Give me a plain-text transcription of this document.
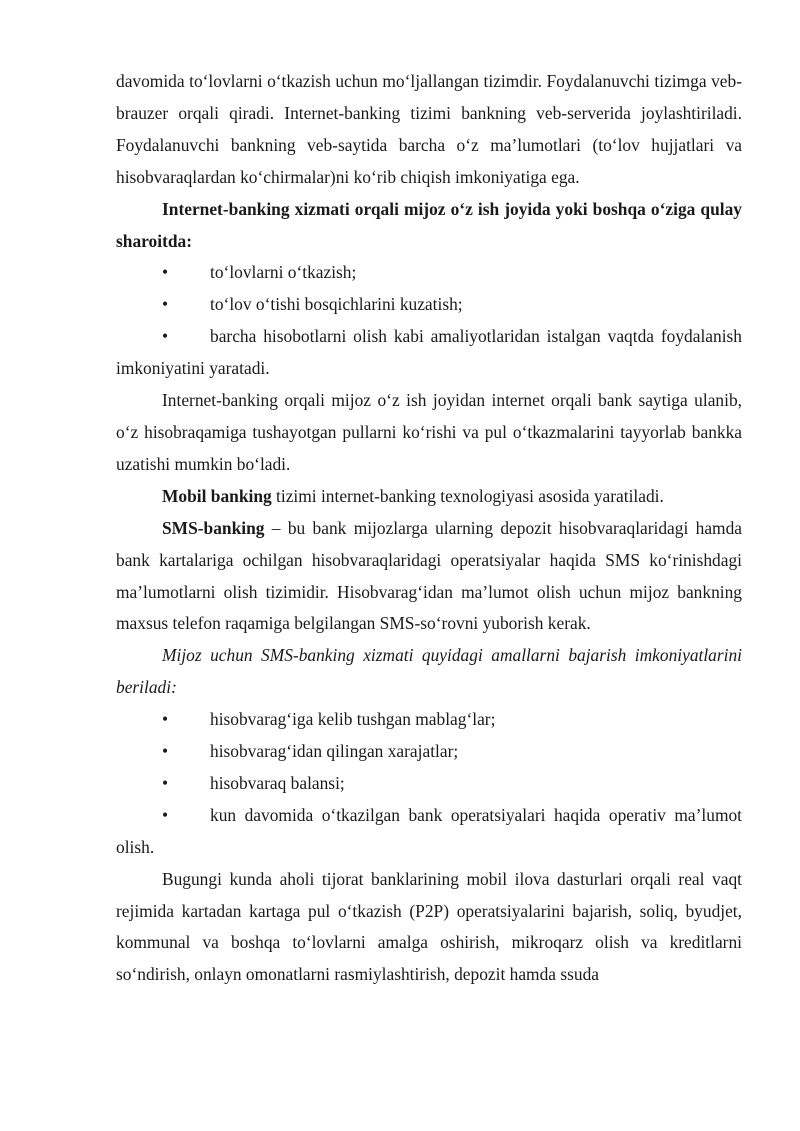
davomida to‘lovlarni o‘tkazish uchun mo‘ljallangan tizimdir. Foydalanuvchi tizimga veb-brauzer orqali qiradi. Internet-banking tizimi bankning veb-serverida joylashtiriladi. Foydalanuvchi bankning veb-saytida barcha o‘z ma’lumotlari (to‘lov hujjatlari va hisobvaraqlardan ko‘chirmalar)ni ko‘rib chiqish imkoniyatiga ega.

Internet-banking xizmati orqali mijoz o‘z ish joyida yoki boshqa o‘ziga qulay sharoitda:

• to‘lovlarni o‘tkazish;

• to‘lov o‘tishi bosqichlarini kuzatish;

• barcha hisobotlarni olish kabi amaliyotlaridan istalgan vaqtda foydalanish imkoniyatini yaratadi.

Internet-banking orqali mijoz o‘z ish joyidan internet orqali bank saytiga ulanib, o‘z hisobraqamiga tushayotgan pullarni ko‘rishi va pul o‘tkazmalarini tayyorlab bankka uzatishi mumkin bo‘ladi.

Mobil banking tizimi internet-banking texnologiyasi asosida yaratiladi.

SMS-banking – bu bank mijozlarga ularning depozit hisobvaraqlaridagi hamda bank kartalariga ochilgan hisobvaraqlaridagi operatsiyalar haqida SMS ko‘rinishdagi ma’lumotlarni olish tizimidir. Hisobvarag‘idan ma’lumot olish uchun mijoz bankning maxsus telefon raqamiga belgilangan SMS-so‘rovni yuborish kerak.

Mijoz uchun SMS-banking xizmati quyidagi amallarni bajarish imkoniyatlarini beriladi:

• hisobvarag‘iga kelib tushgan mablag‘lar;

• hisobvarag‘idan qilingan xarajatlar;

• hisobvaraq balansi;

• kun davomida o‘tkazilgan bank operatsiyalari haqida operativ ma’lumot olish.

Bugungi kunda aholi tijorat banklarining mobil ilova dasturlari orqali real vaqt rejimida kartadan kartaga pul o‘tkazish (P2P) operatsiyalarini bajarish, soliq, byudjet, kommunal va boshqa to‘lovlarni amalga oshirish, mikroqarz olish va kreditlarni so‘ndirish, onlayn omonatlarni rasmiylashtirish, depozit hamda ssuda
